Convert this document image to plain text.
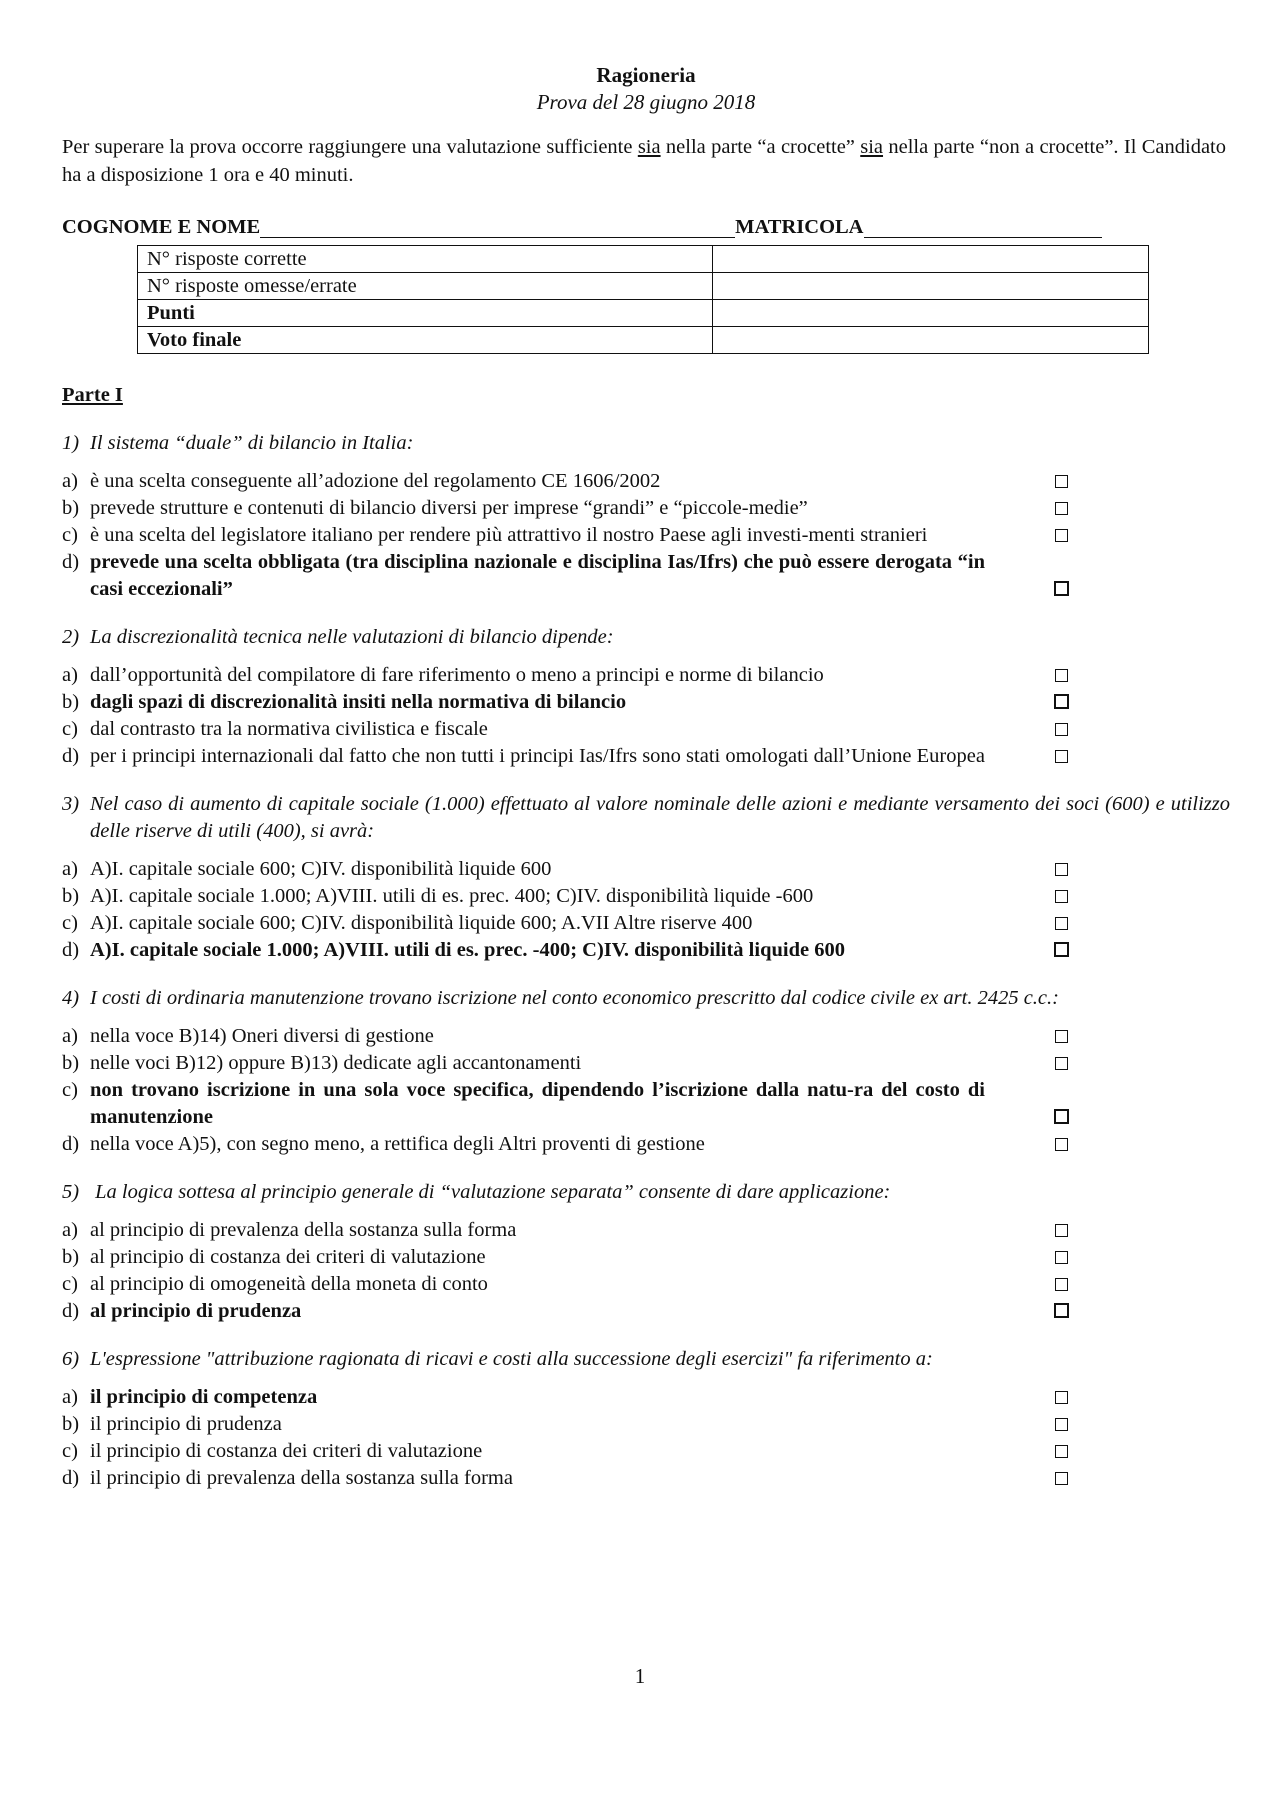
Ragioneria
Prova del 28 giugno 2018
Per superare la prova occorre raggiungere una valutazione sufficiente sia nella parte “a crocette” sia nella parte “non a crocette”. Il Candidato ha a disposizione 1 ora e 40 minuti.
COGNOME E NOME	MATRICOLA
N° risposte corrette	
N° risposte omesse/errate	
Punti	
Voto finale	
Parte I
1) Il sistema “duale” di bilancio in Italia:
a) è una scelta conseguente all’adozione del regolamento CE 1606/2002
b) prevede strutture e contenuti di bilancio diversi per imprese “grandi” e “piccole-medie”
c) è una scelta del legislatore italiano per rendere più attrattivo il nostro Paese agli investi-menti stranieri
d) prevede una scelta obbligata (tra disciplina nazionale e disciplina Ias/Ifrs) che può essere derogata “in casi eccezionali”
2) La discrezionalità tecnica nelle valutazioni di bilancio dipende:
a) dall’opportunità del compilatore di fare riferimento o meno a principi e norme di bilancio
b) dagli spazi di discrezionalità insiti nella normativa di bilancio
c) dal contrasto tra la normativa civilistica e fiscale
d) per i principi internazionali dal fatto che non tutti i principi Ias/Ifrs sono stati omologati dall’Unione Europea
3) Nel caso di aumento di capitale sociale (1.000) effettuato al valore nominale delle azioni e mediante versamento dei soci (600) e utilizzo delle riserve di utili (400), si avrà:
a) A)I. capitale sociale 600; C)IV. disponibilità liquide 600
b) A)I. capitale sociale 1.000; A)VIII. utili di es. prec. 400; C)IV. disponibilità liquide -600
c) A)I. capitale sociale 600; C)IV. disponibilità liquide 600; A.VII Altre riserve 400
d) A)I. capitale sociale 1.000; A)VIII. utili di es. prec. -400; C)IV. disponibilità liquide 600
4) I costi di ordinaria manutenzione trovano iscrizione nel conto economico prescritto dal codice civile ex art. 2425 c.c.:
a) nella voce B)14) Oneri diversi di gestione
b) nelle voci B)12) oppure B)13) dedicate agli accantonamenti
c) non trovano iscrizione in una sola voce specifica, dipendendo l’iscrizione dalla natu-ra del costo di manutenzione
d) nella voce A)5), con segno meno, a rettifica degli Altri proventi di gestione
5) La logica sottesa al principio generale di “valutazione separata” consente di dare applicazione:
a) al principio di prevalenza della sostanza sulla forma
b) al principio di costanza dei criteri di valutazione
c) al principio di omogeneità della moneta di conto
d) al principio di prudenza
6) L'espressione "attribuzione ragionata di ricavi e costi alla successione degli esercizi" fa riferimento a:
a) il principio di competenza
b) il principio di prudenza
c) il principio di costanza dei criteri di valutazione
d) il principio di prevalenza della sostanza sulla forma
1
